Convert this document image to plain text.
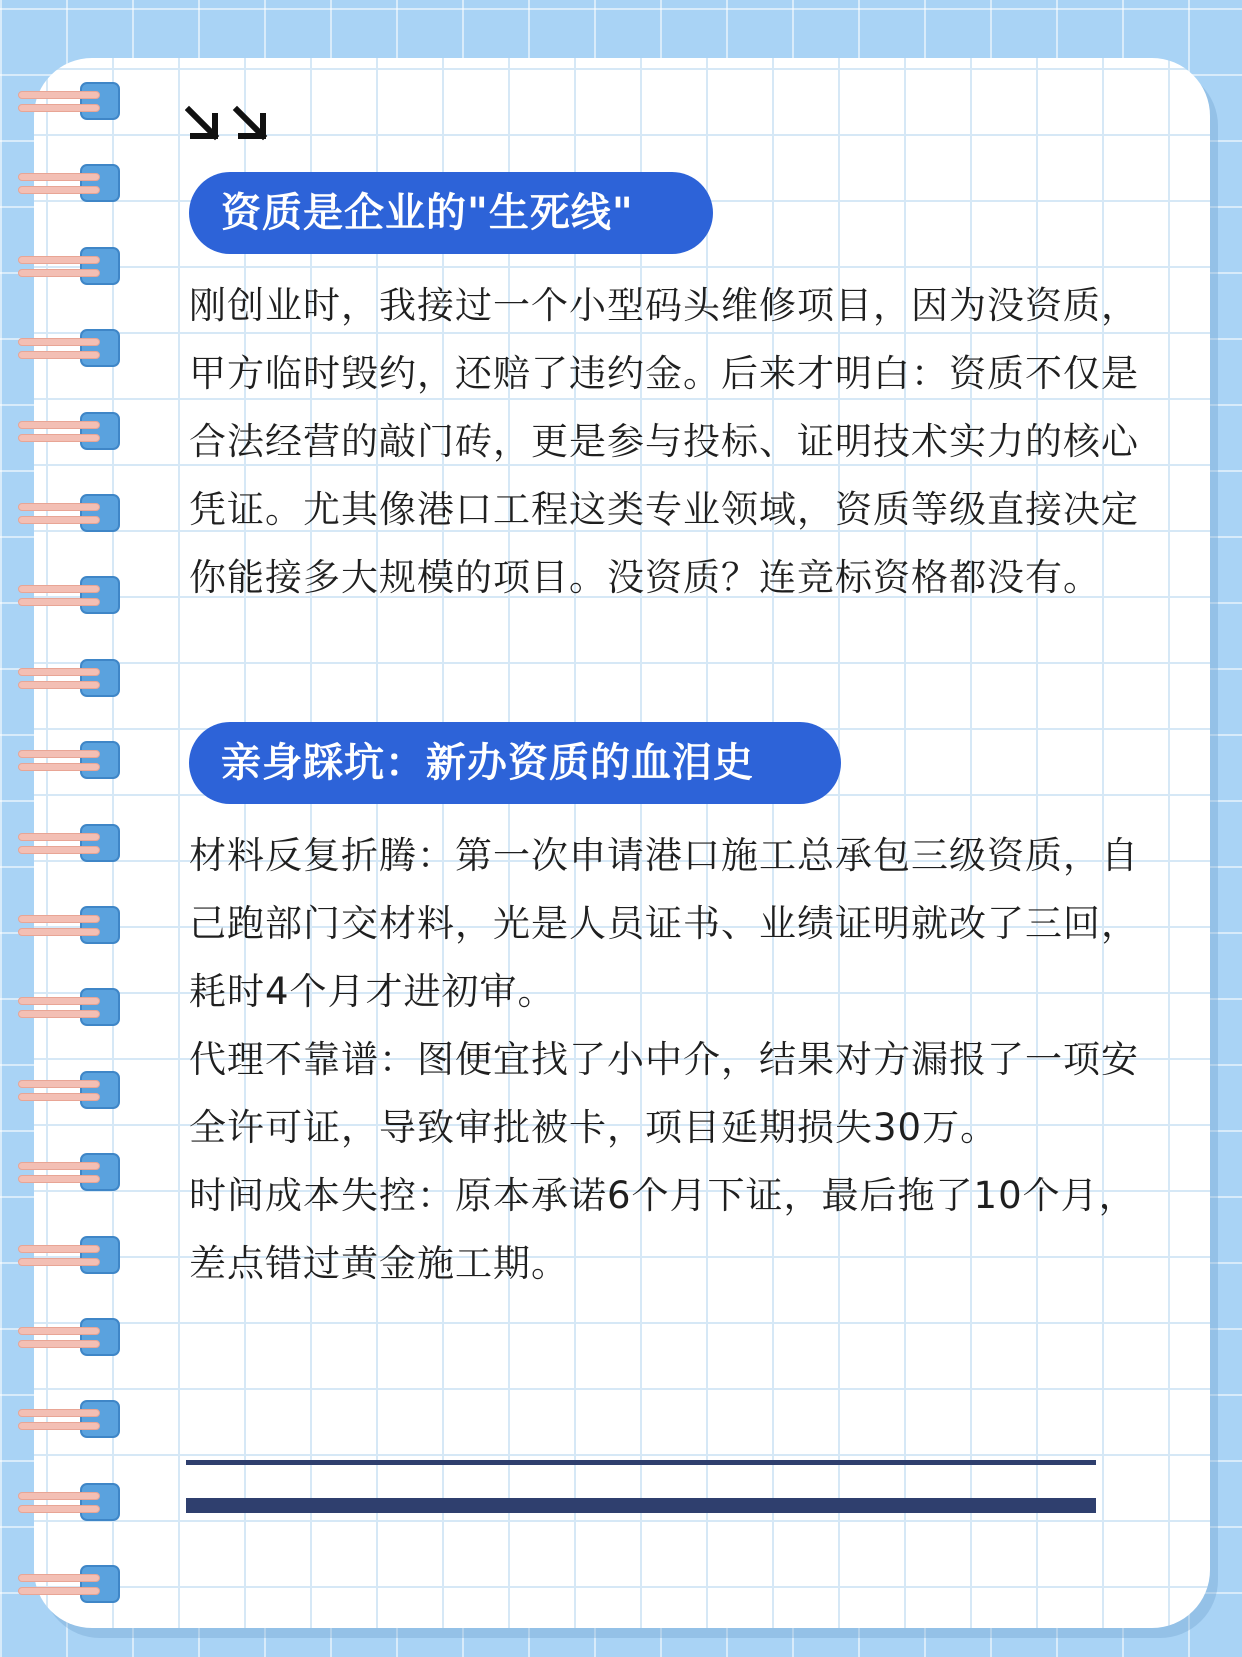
资质是企业的"生死线"
刚创业时，我接过一个小型码头维修项目，因为没资质，甲方临时毁约，还赔了违约金。后来才明白：资质不仅是合法经营的敲门砖，更是参与投标、证明技术实力的核心凭证。尤其像港口工程这类专业领域，资质等级直接决定你能接多大规模的项目。没资质？连竞标资格都没有。
亲身踩坑：新办资质的血泪史

材料反复折腾：第一次申请港口施工总承包三级资质，自己跑部门交材料，光是人员证书、业绩证明就改了三回，耗时4个月才进初审。

代理不靠谱：图便宜找了小中介，结果对方漏报了一项安全许可证，导致审批被卡，项目延期损失30万。

时间成本失控：原本承诺6个月下证，最后拖了10个月，差点错过黄金施工期。
